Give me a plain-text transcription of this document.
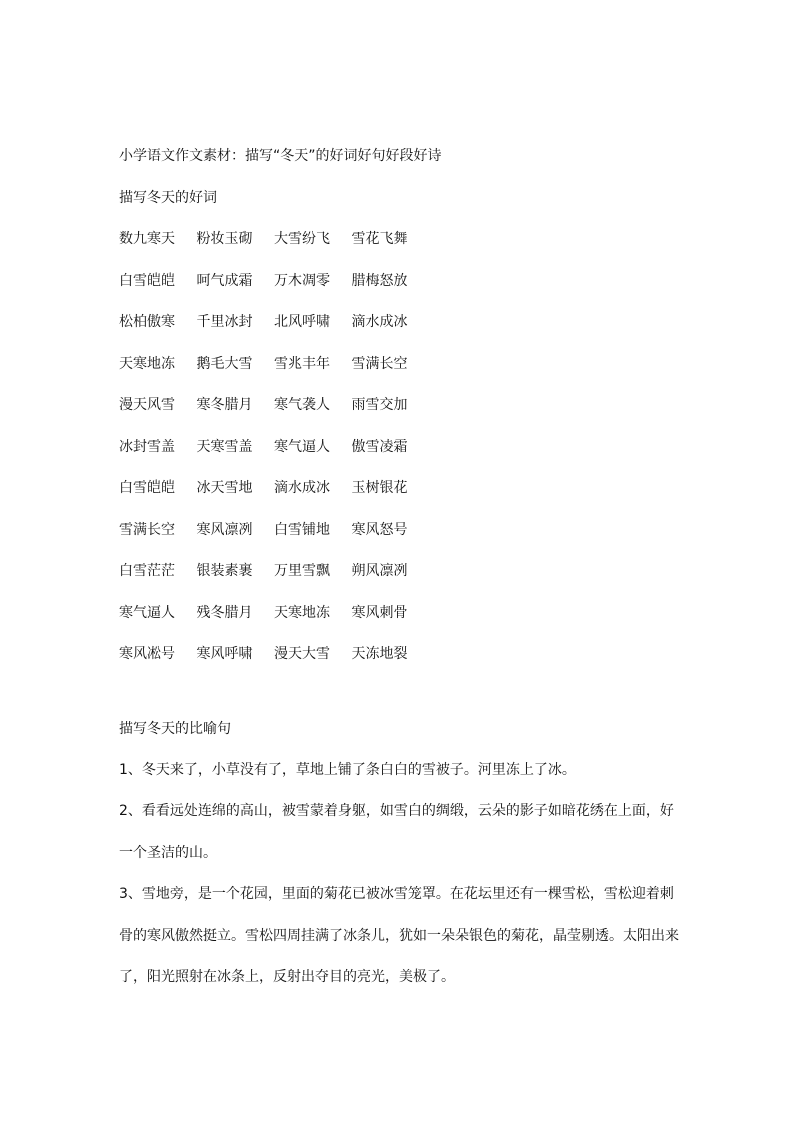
小学语文作文素材：描写“冬天”的好词好句好段好诗
描写冬天的好词
数九寒天	粉妆玉砌	大雪纷飞	雪花飞舞
白雪皑皑	呵气成霜	万木凋零	腊梅怒放
松柏傲寒	千里冰封	北风呼啸	滴水成冰
天寒地冻	鹅毛大雪	雪兆丰年	雪满长空
漫天风雪	寒冬腊月	寒气袭人	雨雪交加
冰封雪盖	天寒雪盖	寒气逼人	傲雪凌霜
白雪皑皑	冰天雪地	滴水成冰	玉树银花
雪满长空	寒风凛冽	白雪铺地	寒风怒号
白雪茫茫	银装素裹	万里雪飘	朔风凛冽
寒气逼人	残冬腊月	天寒地冻	寒风刺骨
寒风凇号	寒风呼啸	漫天大雪	天冻地裂
描写冬天的比喻句
1、冬天来了，小草没有了，草地上铺了条白白的雪被子。河里冻上了冰。
2、看看远处连绵的高山，被雪蒙着身躯，如雪白的绸缎，云朵的影子如暗花绣在上面，好
一个圣洁的山。
3、雪地旁，是一个花园，里面的菊花已被冰雪笼罩。在花坛里还有一棵雪松，雪松迎着刺
骨的寒风傲然挺立。雪松四周挂满了冰条儿，犹如一朵朵银色的菊花，晶莹剔透。太阳出来
了，阳光照射在冰条上，反射出夺目的亮光，美极了。
